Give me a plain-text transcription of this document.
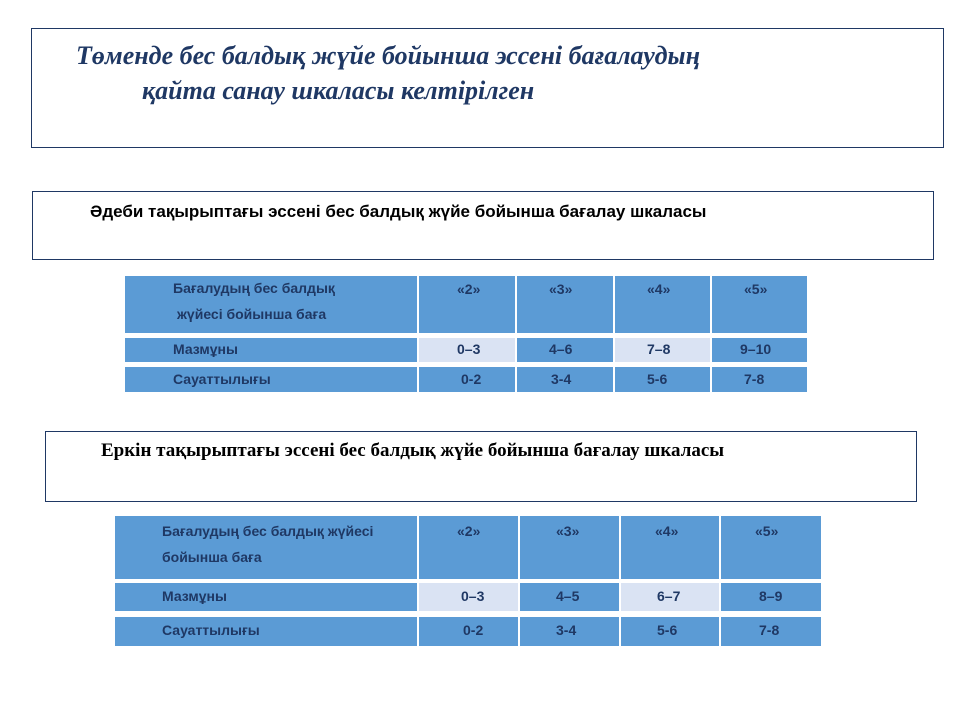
Төменде бес балдық жүйе бойынша эссені бағалаудың
қайта санау шкаласы келтірілген
Әдеби тақырыптағы эссені бес балдық жүйе бойынша бағалау шкаласы
Бағалудың бес балдық
жүйесі бойынша баға
«2»	«3»	«4»	«5»
Мазмұны	0–3	4–6	7–8	9–10
Сауаттылығы	0-2	3-4	5-6	7-8
Еркін тақырыптағы эссені бес балдық жүйе бойынша бағалау шкаласы
Бағалудың бес балдық жүйесі
бойынша баға
«2»	«3»	«4»	«5»
Мазмұны	0–3	4–5	6–7	8–9
Сауаттылығы	0-2	3-4	5-6	7-8
